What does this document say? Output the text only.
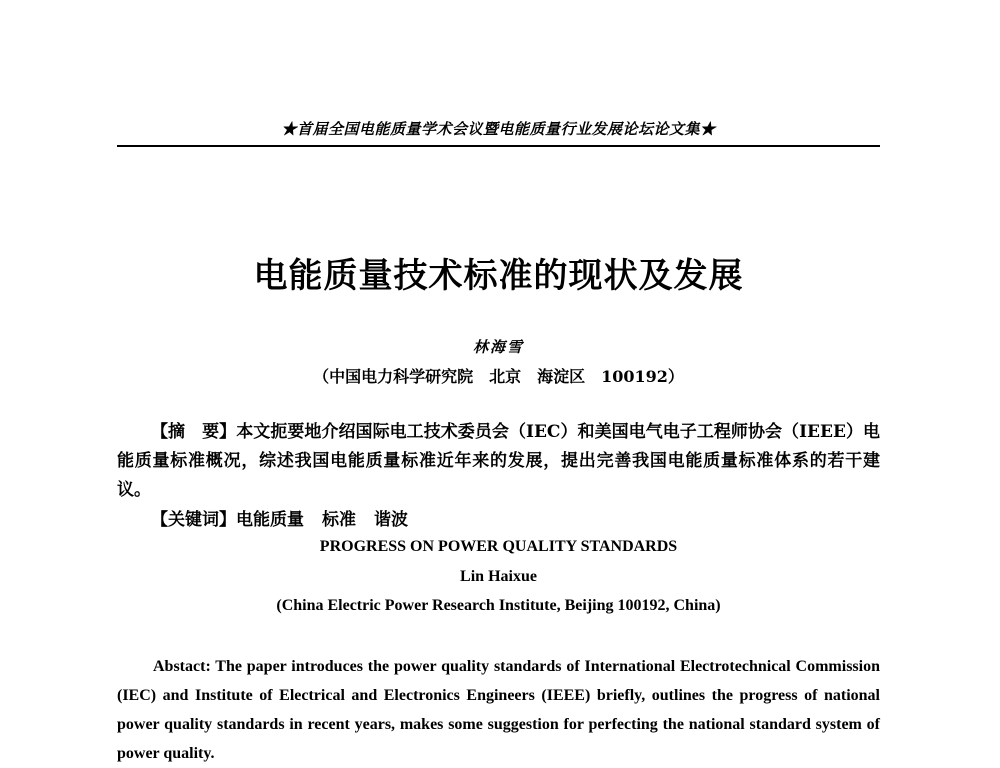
★首届全国电能质量学术会议暨电能质量行业发展论坛论文集★
电能质量技术标准的现状及发展
林海雪
（中国电力科学研究院　北京　海淀区　100192）

【摘　要】本文扼要地介绍国际电工技术委员会（IEC）和美国电气电子工程师协会（IEEE）电能质量标准概况，综述我国电能质量标准近年来的发展，提出完善我国电能质量标准体系的若干建议。

【关键词】电能质量 标准 谐波
PROGRESS ON POWER QUALITY STANDARDS
Lin Haixue
(China Electric Power Research Institute, Beijing 100192, China)

Abstact: The paper introduces the power quality standards of International Electrotechnical Commission (IEC) and Institute of Electrical and Electronics Engineers (IEEE) briefly, outlines the progress of national power quality standards in recent years, makes some suggestion for perfecting the national standard system of power quality.
